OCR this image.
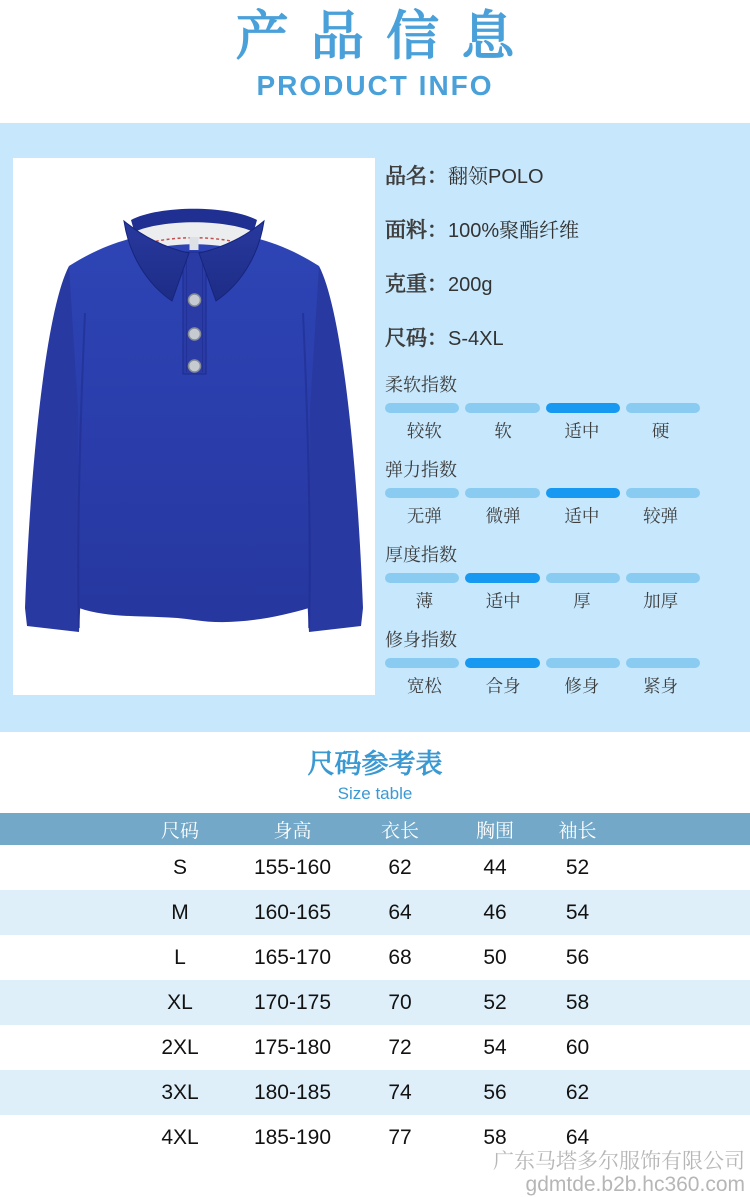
产品信息
PRODUCT INFO
品名： 翻领POLO
面料： 100%聚酯纤维
克重： 200g
尺码： S-4XL
柔软指数
较软	软	适中	硬
弹力指数
无弹	微弹	适中	较弹
厚度指数
薄	适中	厚	加厚
修身指数
宽松	合身	修身	紧身
尺码参考表
Size table
尺码	身高	衣长	胸围	袖长
S	155-160	62	44	52
M	160-165	64	46	54
L	165-170	68	50	56
XL	170-175	70	52	58
2XL	175-180	72	54	60
3XL	180-185	74	56	62
4XL	185-190	77	58	64
广东马塔多尔服饰有限公司
gdmtde.b2b.hc360.com
